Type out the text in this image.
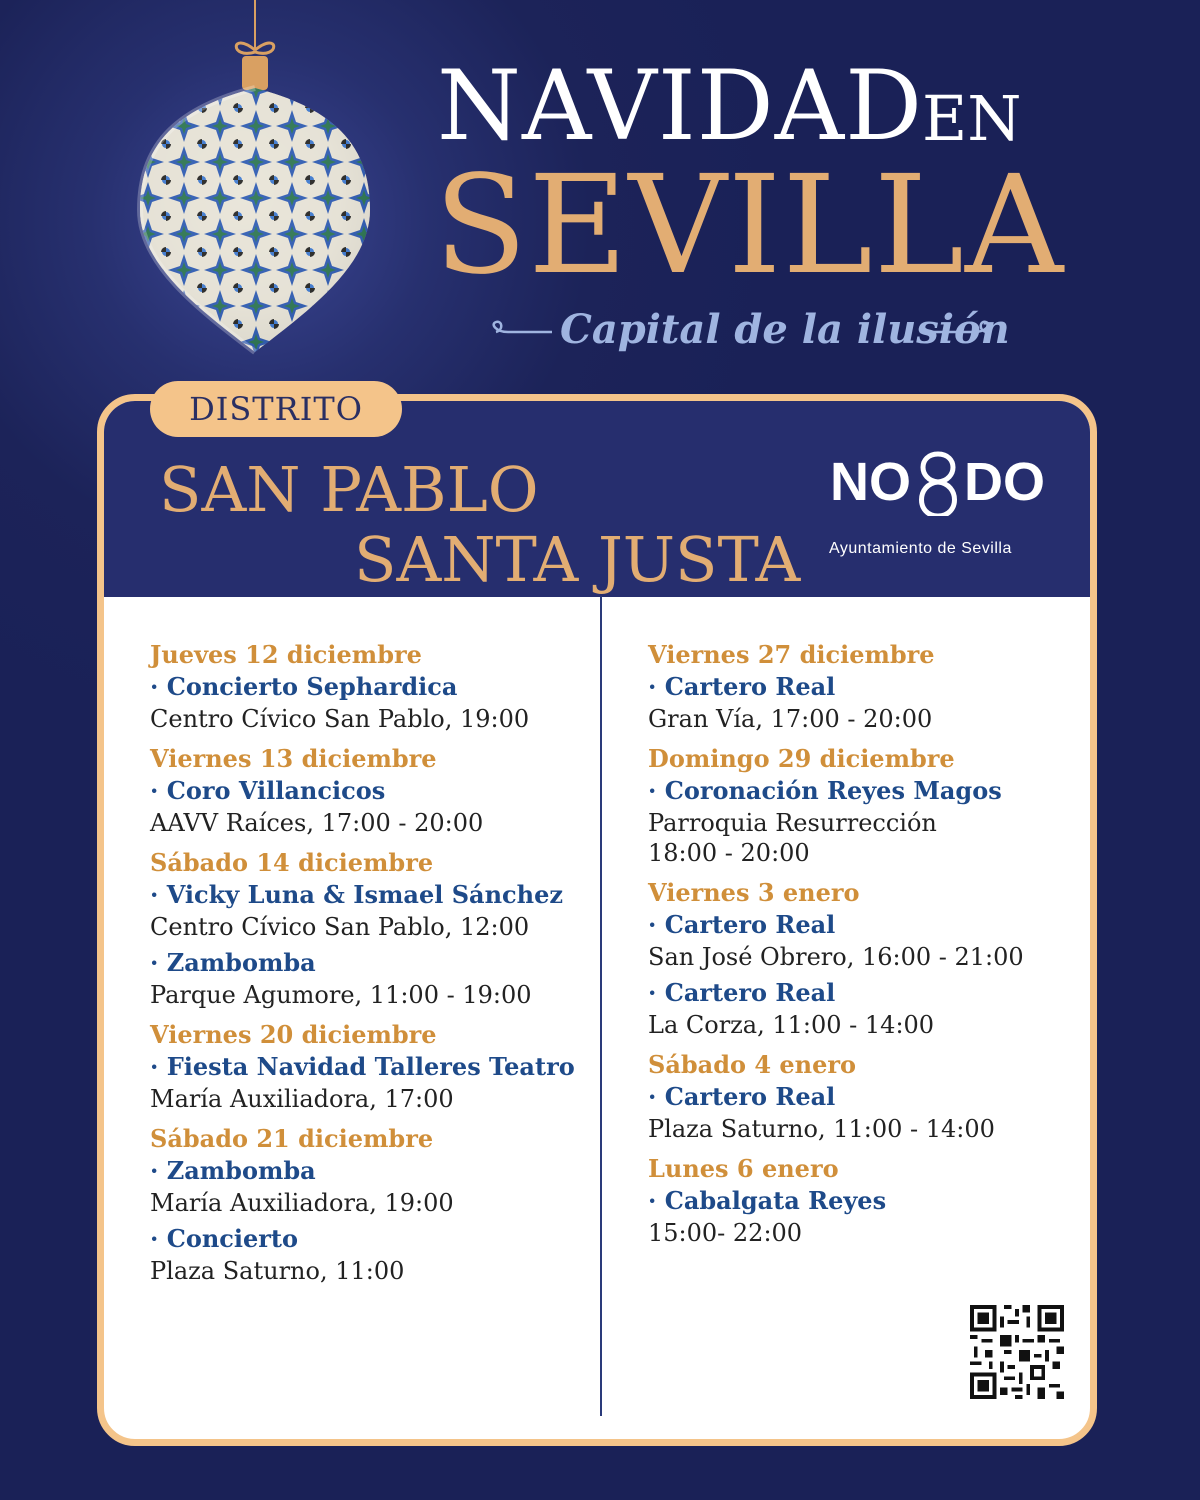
NAVIDAD
EN
SEVILLA
Capital de la ilusión
SAN PABLO
SANTA JUSTA
DISTRITO
NO DO
Ayuntamiento de Sevilla
Jueves 12 diciembre
· Concierto Sephardica
Centro Cívico San Pablo, 19:00
Viernes 13 diciembre
· Coro Villancicos
AAVV Raíces, 17:00 - 20:00
Sábado 14 diciembre
· Vicky Luna & Ismael Sánchez
Centro Cívico San Pablo, 12:00
· Zambomba
Parque Agumore, 11:00 - 19:00
Viernes 20 diciembre
· Fiesta Navidad Talleres Teatro
María Auxiliadora, 17:00
Sábado 21 diciembre
· Zambomba
María Auxiliadora, 19:00
· Concierto
Plaza Saturno, 11:00
Viernes 27 diciembre
· Cartero Real
Gran Vía, 17:00 - 20:00
Domingo 29 diciembre
· Coronación Reyes Magos
Parroquia Resurrección
18:00 - 20:00
Viernes 3 enero
· Cartero Real
San José Obrero, 16:00 - 21:00
· Cartero Real
La Corza, 11:00 - 14:00
Sábado 4 enero
· Cartero Real
Plaza Saturno, 11:00 - 14:00
Lunes 6 enero
· Cabalgata Reyes
15:00- 22:00
